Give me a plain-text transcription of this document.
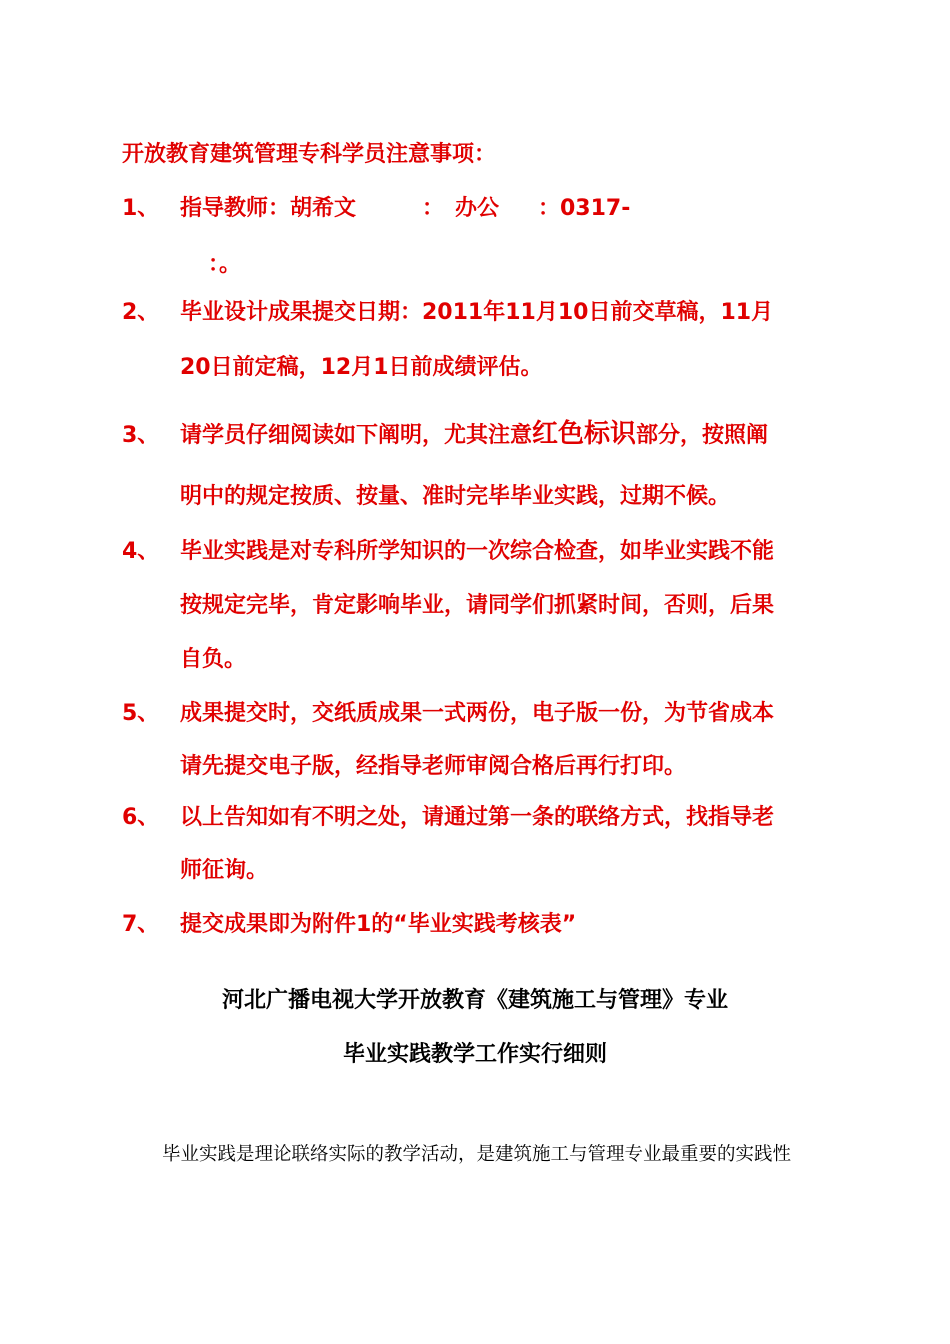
开放教育建筑管理专科学员注意事项：
1、 指导教师：胡希文	： 办公 ：0317-
：。
2、 毕业设计成果提交日期：2011年11月10日前交草稿，11月
20日前定稿，12月1日前成绩评估。
3、 请学员仔细阅读如下阐明，尤其注意红色标识部分，按照阐
明中的规定按质、按量、准时完毕毕业实践，过期不候。
4、 毕业实践是对专科所学知识的一次综合检查，如毕业实践不能
按规定完毕，肯定影响毕业，请同学们抓紧时间，否则，后果
自负。
5、 成果提交时，交纸质成果一式两份，电子版一份，为节省成本
请先提交电子版，经指导老师审阅合格后再行打印。
6、 以上告知如有不明之处，请通过第一条的联络方式，找指导老
师征询。
7、 提交成果即为附件1的“毕业实践考核表”
河北广播电视大学开放教育《建筑施工与管理》专业
毕业实践教学工作实行细则
毕业实践是理论联络实际的教学活动，是建筑施工与管理专业最重要的实践性
